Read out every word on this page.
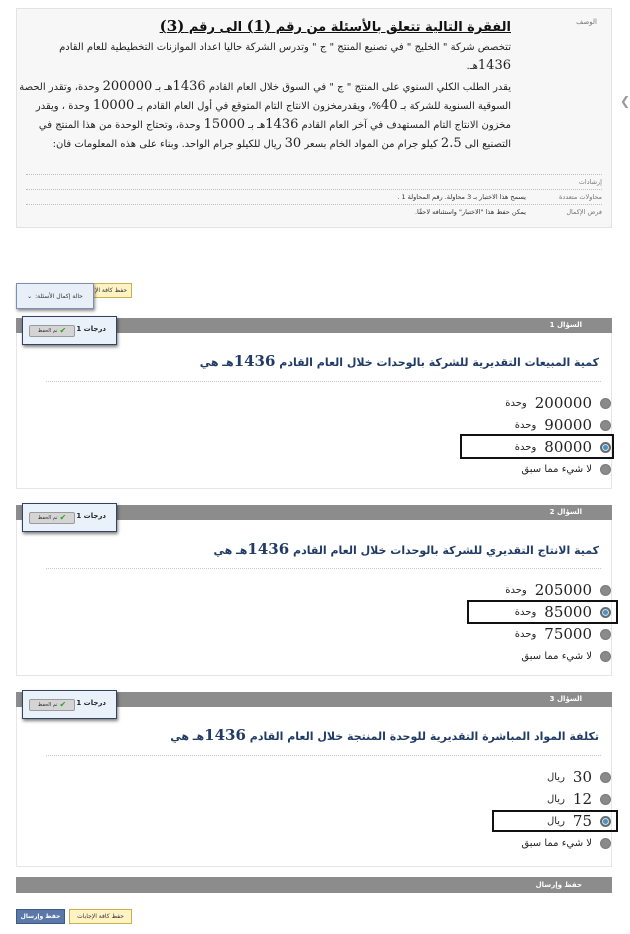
الوصف
الفقرة التالية تتعلق بالأسئلة من رقم (1) الى رقم (3)
تتخصص شركة " الخليج " في تصنيع المنتج " ج " وتدرس الشركة حاليا اعداد الموازنات التخطيطية للعام القادم 1436هـ.
يقدر الطلب الكلي السنوي على المنتج " ج " في السوق خلال العام القادم 1436هـ بـ 200000 وحدة، وتقدر الحصة السوقية السنوية للشركة بـ 40%، ويقدرمخزون الانتاج التام المتوقع في أول العام القادم بـ 10000 وحدة ، ويقدر مخزون الانتاج التام المستهدف في آخر العام القادم 1436هـ بـ 15000 وحدة، وتحتاج الوحدة من هذا المنتج في التصنيع الى 2.5 كيلو جرام من المواد الخام بسعر 30 ريال للكيلو جرام الواحد. وبناء على هذه المعلومات فان:
إرشادات
محاولات متعددة
يسمح هذا الاختبار بـ 3 محاولة. رقم المحاولة 1 .
فرض الإكمال
يمكن حفظ هذا "الاختبار" واستئنافه لاحقًا.
❮
حفظ كافة الإ
حالة إكمال الأسئلة:
⌄
السؤال 1
1 درجات
تم الحفظ ✔
كمية المبيعات التقديرية للشركة بالوحدات خلال العام القادم 1436هـ هي
200000
وحدة
90000
وحدة
80000
وحدة
لا شيء مما سبق
السؤال 2
1 درجات
تم الحفظ ✔
كمية الانتاج التقديري للشركة بالوحدات خلال العام القادم 1436هـ هي
205000
وحدة
85000
وحدة
75000
وحدة
لا شيء مما سبق
السؤال 3
1 درجات
تم الحفظ ✔
تكلفة المواد المباشرة التقديرية للوحدة المنتجة خلال العام القادم 1436هـ هي
30
ريال
12
ريال
75
ريال
لا شيء مما سبق
حفظ وإرسال
حفظ وإرسال	حفظ كافة الإجابات
